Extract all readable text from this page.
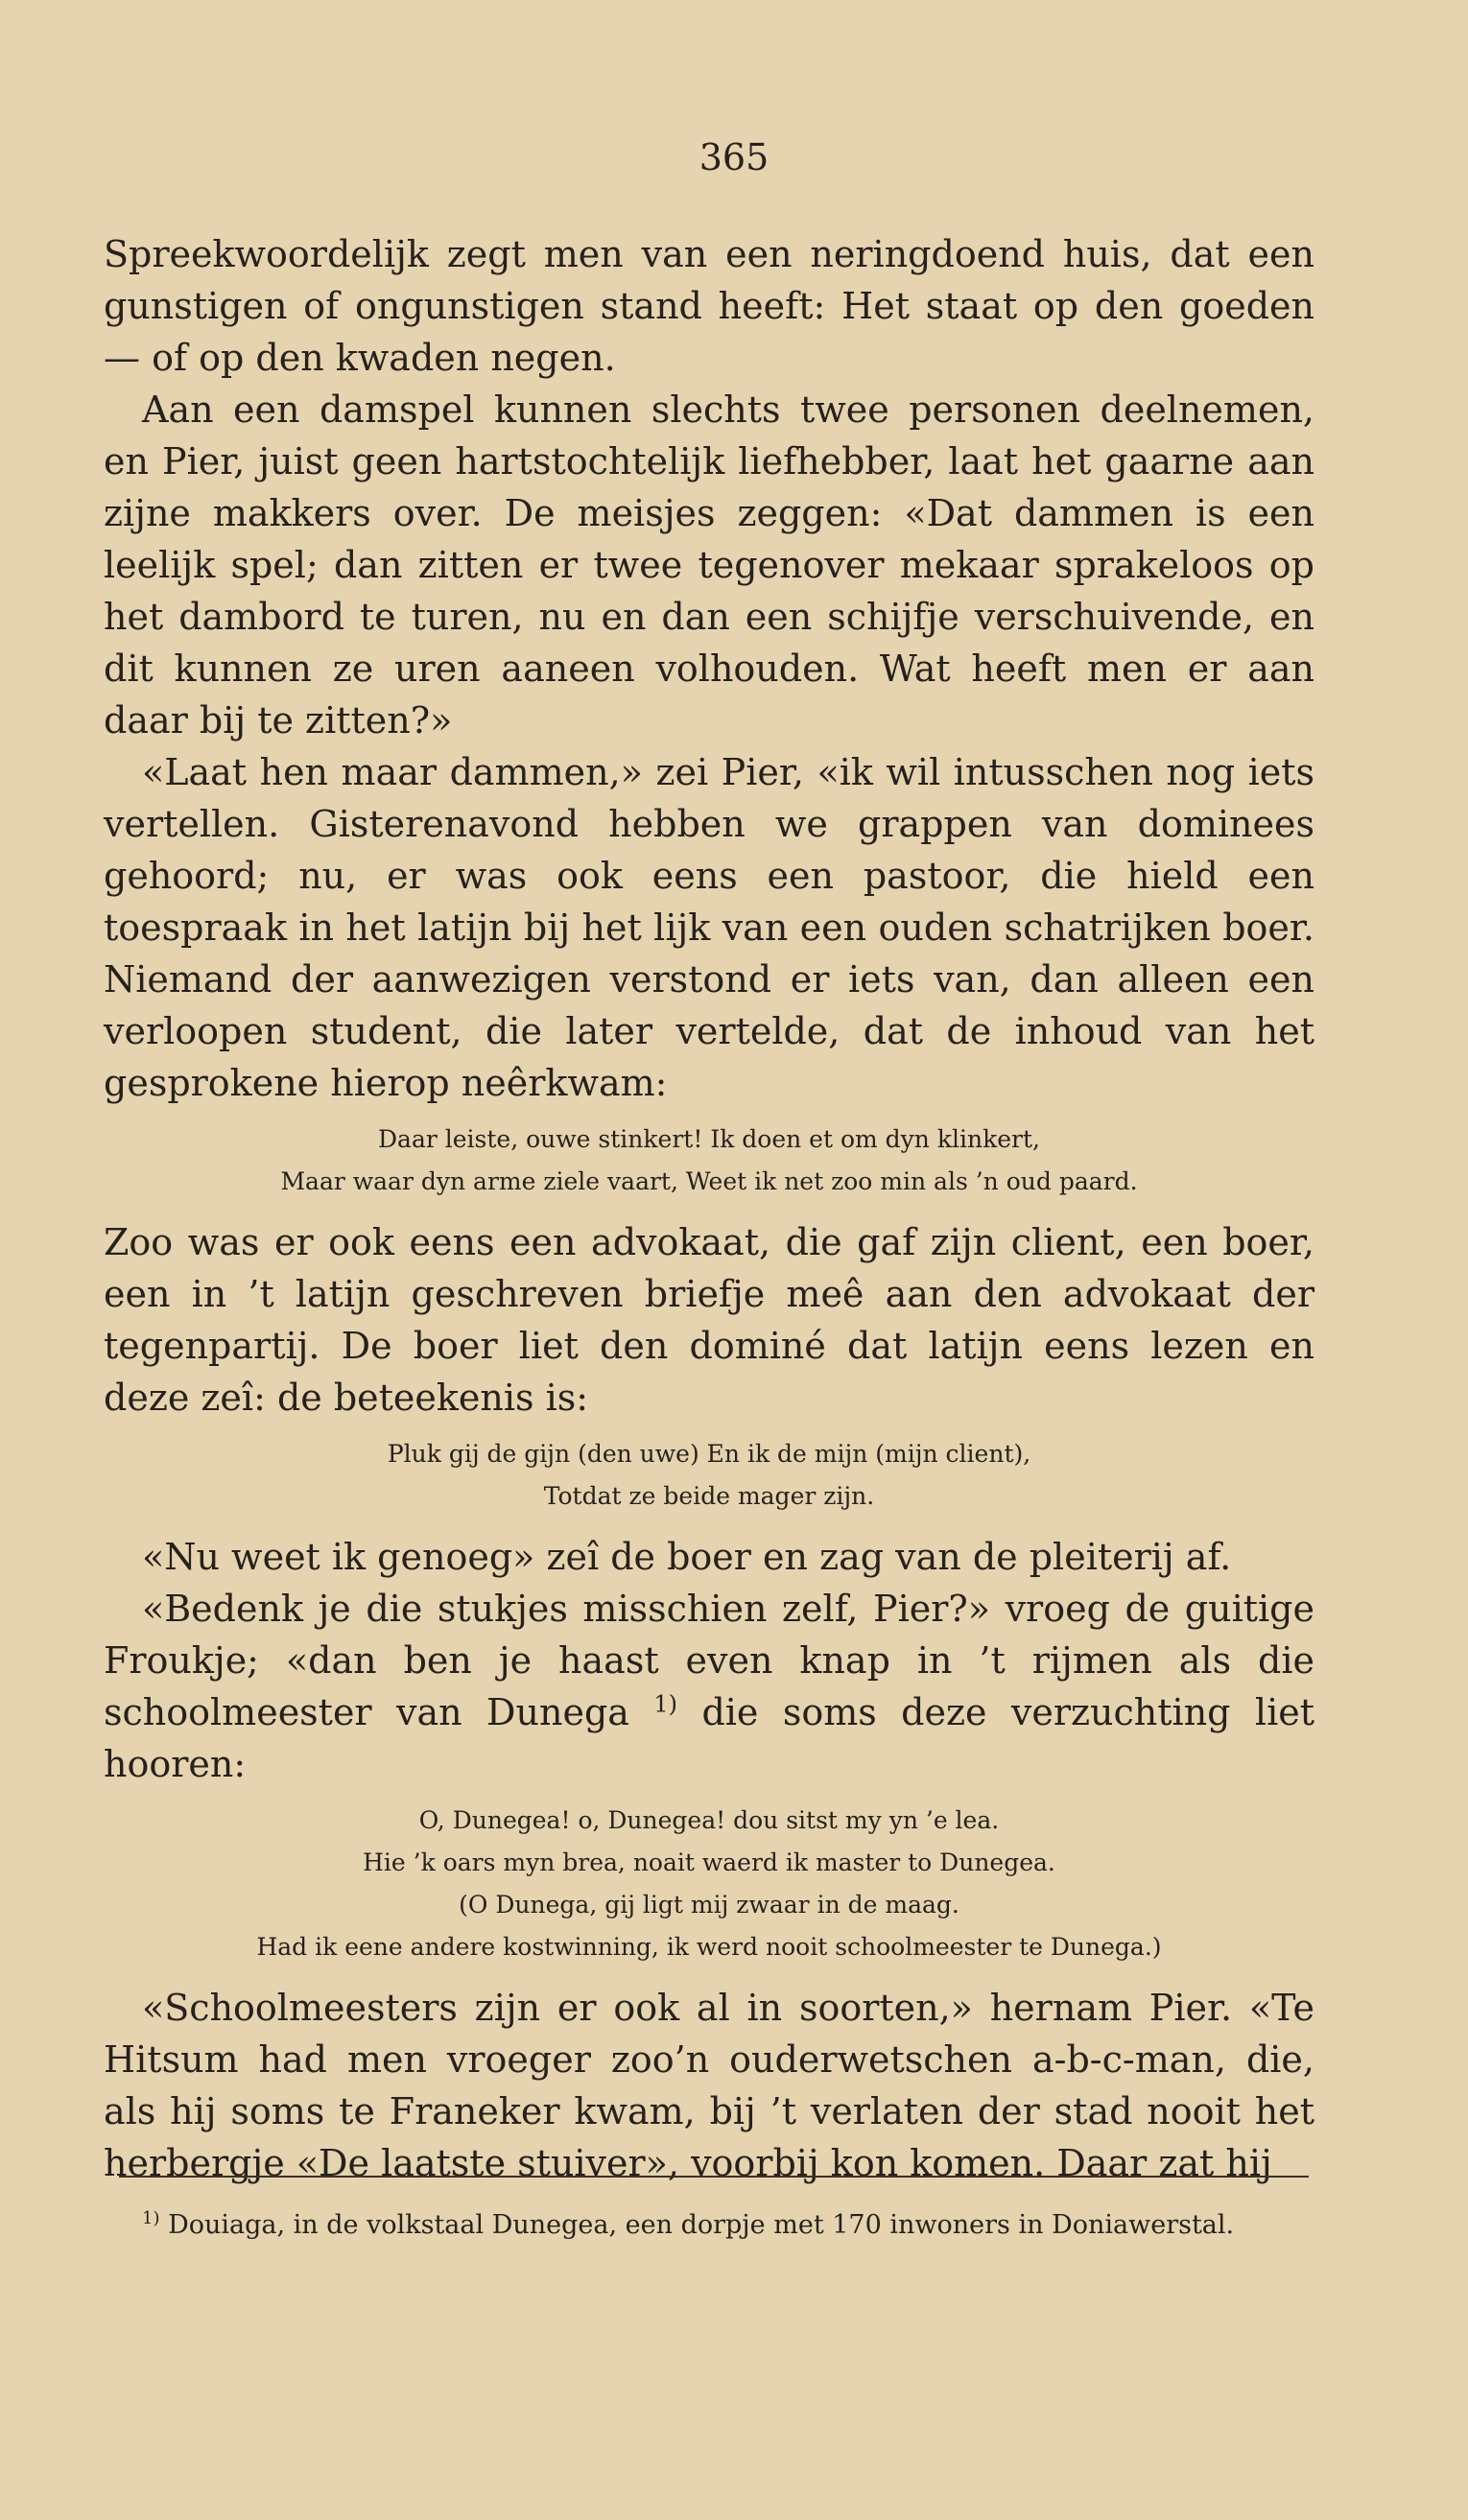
365

Spreekwoordelijk zegt men van een neringdoend huis, dat een gunstigen of ongunstigen stand heeft: Het staat op den goeden — of op den kwaden negen.

Aan een damspel kunnen slechts twee personen deelnemen, en Pier, juist geen hartstochtelijk liefhebber, laat het gaarne aan zijne makkers over. De meisjes zeggen: «Dat dammen is een leelijk spel; dan zitten er twee tegenover mekaar sprakeloos op het dambord te turen, nu en dan een schijfje verschuivende, en dit kunnen ze uren aaneen volhouden. Wat heeft men er aan daar bij te zitten?»

«Laat hen maar dammen,» zei Pier, «ik wil intusschen nog iets vertellen. Gisterenavond hebben we grappen van dominees gehoord; nu, er was ook eens een pastoor, die hield een toespraak in het latijn bij het lijk van een ouden schatrijken boer. Niemand der aanwezigen verstond er iets van, dan alleen een verloopen student, die later vertelde, dat de inhoud van het gesprokene hierop neêrkwam:

Daar leiste, ouwe stinkert! Ik doen et om dyn klinkert,
Maar waar dyn arme ziele vaart, Weet ik net zoo min als ’n oud paard.

Zoo was er ook eens een advokaat, die gaf zijn client, een boer, een in ’t latijn geschreven briefje meê aan den advokaat der tegenpartij. De boer liet den dominé dat latijn eens lezen en deze zeî: de beteekenis is:

Pluk gij de gijn (den uwe) En ik de mijn (mijn client),
Totdat ze beide mager zijn.

«Nu weet ik genoeg» zeî de boer en zag van de pleiterij af.

«Bedenk je die stukjes misschien zelf, Pier?» vroeg de guitige Froukje; «dan ben je haast even knap in ’t rijmen als die schoolmeester van Dunega $^{1)}$ die soms deze verzuchting liet hooren:

O, Dunegea! o, Dunegea! dou sitst my yn ’e lea.
Hie ’k oars myn brea, noait waerd ik master to Dunegea.
(O Dunega, gij ligt mij zwaar in de maag.
Had ik eene andere kostwinning, ik werd nooit schoolmeester te Dunega.)

«Schoolmeesters zijn er ook al in soorten,» hernam Pier. «Te Hitsum had men vroeger zoo’n ouderwetschen a-b-c-man, die, als hij soms te Franeker kwam, bij ’t verlaten der stad nooit het herbergje «De laatste stuiver», voorbij kon komen. Daar zat hij

$^{1)}$ Douiaga, in de volkstaal Dunegea, een dorpje met 170 inwoners in Doniawerstal.
